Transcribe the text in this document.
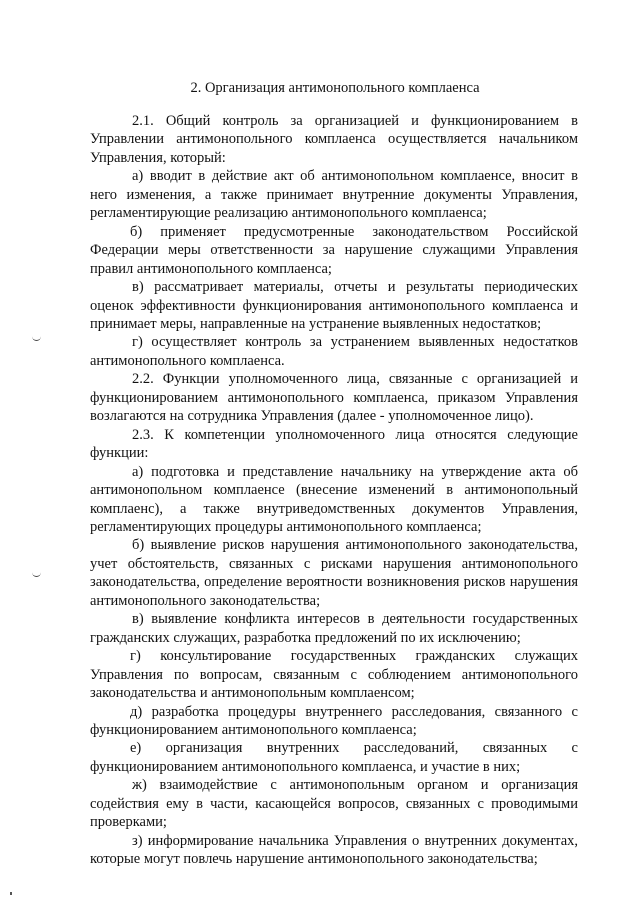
2. Организация антимонопольного комплаенса

2.1. Общий контроль за организацией и функционированием в Управлении антимонопольного комплаенса осуществляется начальником Управления, который:

а) вводит в действие акт об антимонопольном комплаенсе, вносит в него изменения, а также принимает внутренние документы Управления, регламентирующие реализацию антимонопольного комплаенса;

б) применяет предусмотренные законодательством Российской Федерации меры ответственности за нарушение служащими Управления правил антимонопольного комплаенса;

в) рассматривает материалы, отчеты и результаты периодических оценок эффективности функционирования антимонопольного комплаенса и принимает меры, направленные на устранение выявленных недостатков;

г) осуществляет контроль за устранением выявленных недостатков антимонопольного комплаенса.

2.2. Функции уполномоченного лица, связанные с организацией и функционированием антимонопольного комплаенса, приказом Управления возлагаются на сотрудника Управления (далее - уполномоченное лицо).

2.3. К компетенции уполномоченного лица относятся следующие функции:

а) подготовка и представление начальнику на утверждение акта об антимонопольном комплаенсе (внесение изменений в антимонопольный комплаенс), а также внутриведомственных документов Управления, регламентирующих процедуры антимонопольного комплаенса;

б) выявление рисков нарушения антимонопольного законодательства, учет обстоятельств, связанных с рисками нарушения антимонопольного законодательства, определение вероятности возникновения рисков нарушения антимонопольного законодательства;

в) выявление конфликта интересов в деятельности государственных гражданских служащих, разработка предложений по их исключению;

г) консультирование государственных гражданских служащих Управления по вопросам, связанным с соблюдением антимонопольного законодательства и антимонопольным комплаенсом;

д) разработка процедуры внутреннего расследования, связанного с функционированием антимонопольного комплаенса;

е) организация внутренних расследований, связанных с функционированием антимонопольного комплаенса, и участие в них;

ж) взаимодействие с антимонопольным органом и организация содействия ему в части, касающейся вопросов, связанных с проводимыми проверками;

з) информирование начальника Управления о внутренних документах, которые могут повлечь нарушение антимонопольного законодательства;
